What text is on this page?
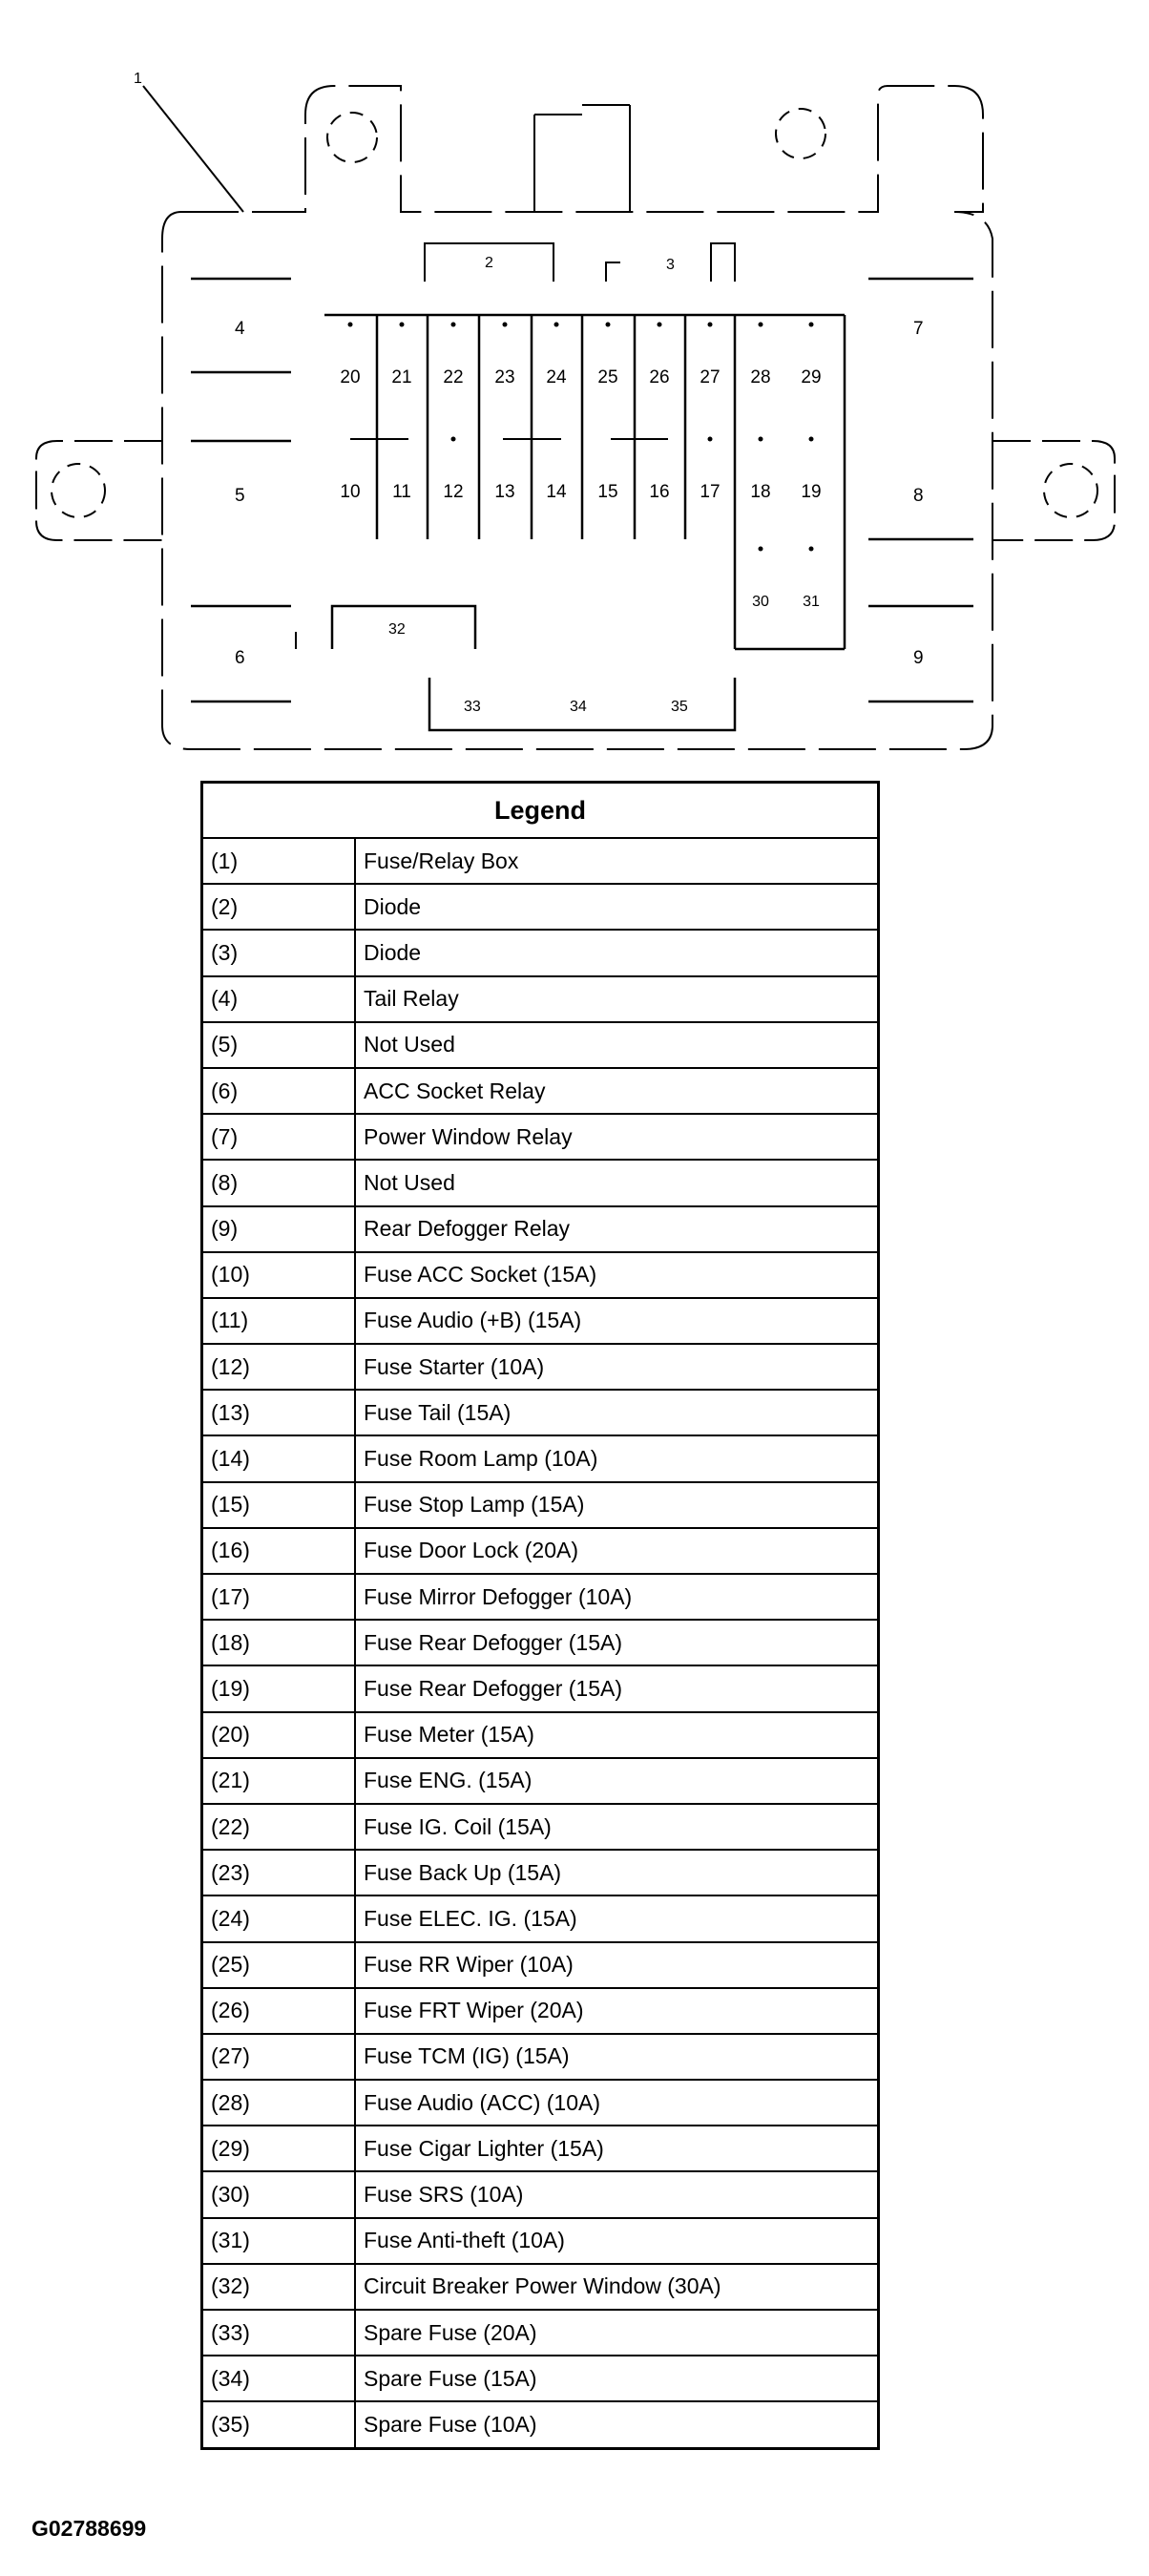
1
2	3
4
5
6
7
8
9
32
33	34	35
20 21 22 23 24 25 26 27 28 29
10 11 12 13 14 15 16 17 18 19
30 31
Legend	
(1)	Fuse/Relay Box
(2)	Diode
(3)	Diode
(4)	Tail Relay
(5)	Not Used
(6)	ACC Socket Relay
(7)	Power Window Relay
(8)	Not Used
(9)	Rear Defogger Relay
(10)	Fuse ACC Socket (15A)
(11)	Fuse Audio (+B) (15A)
(12)	Fuse Starter (10A)
(13)	Fuse Tail (15A)
(14)	Fuse Room Lamp (10A)
(15)	Fuse Stop Lamp (15A)
(16)	Fuse Door Lock (20A)
(17)	Fuse Mirror Defogger (10A)
(18)	Fuse Rear Defogger (15A)
(19)	Fuse Rear Defogger (15A)
(20)	Fuse Meter (15A)
(21)	Fuse ENG. (15A)
(22)	Fuse IG. Coil (15A)
(23)	Fuse Back Up (15A)
(24)	Fuse ELEC. IG. (15A)
(25)	Fuse RR Wiper (10A)
(26)	Fuse FRT Wiper (20A)
(27)	Fuse TCM (IG) (15A)
(28)	Fuse Audio (ACC) (10A)
(29)	Fuse Cigar Lighter (15A)
(30)	Fuse SRS (10A)
(31)	Fuse Anti-theft (10A)
(32)	Circuit Breaker Power Window (30A)
(33)	Spare Fuse (20A)
(34)	Spare Fuse (15A)
(35)	Spare Fuse (10A)
G02788699
